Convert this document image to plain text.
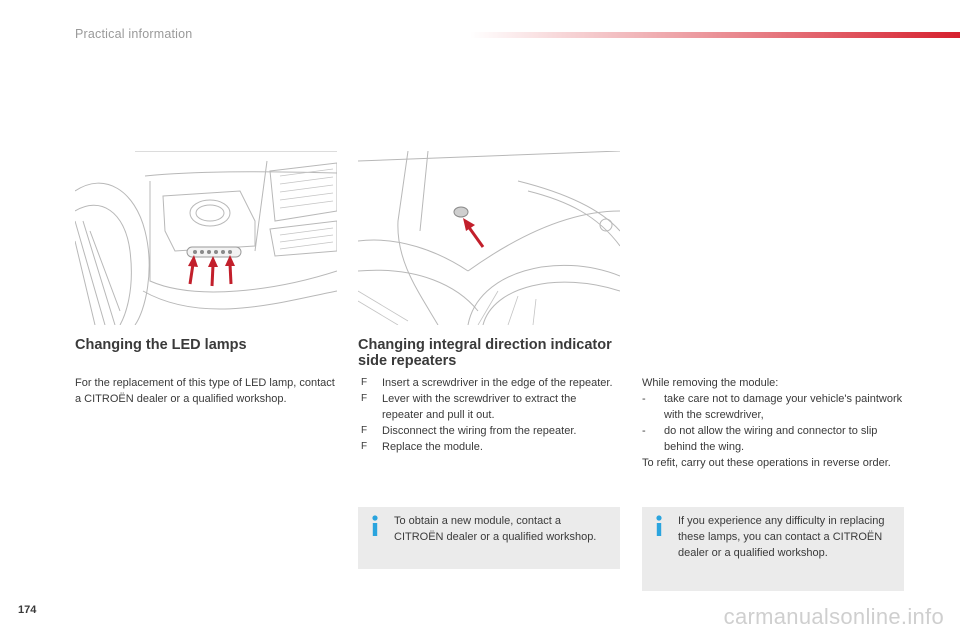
Practical information
Changing the LED lamps

For the replacement of this type of LED lamp, contact a CITROËN dealer or a qualified workshop.

Changing integral direction indicator side repeaters
F Insert a screwdriver in the edge of the repeater.
F Lever with the screwdriver to extract the repeater and pull it out.
F Disconnect the wiring from the repeater.
F Replace the module.

While removing the module:

- take care not to damage your vehicle's paintwork with the screwdriver,
- do not allow the wiring and connector to slip behind the wing.

To refit, carry out these operations in reverse order.

To obtain a new module, contact a CITROËN dealer or a qualified workshop.
If you experience any difficulty in replacing these lamps, you can contact a CITROËN dealer or a qualified workshop.
174	carmanualsonline.info
